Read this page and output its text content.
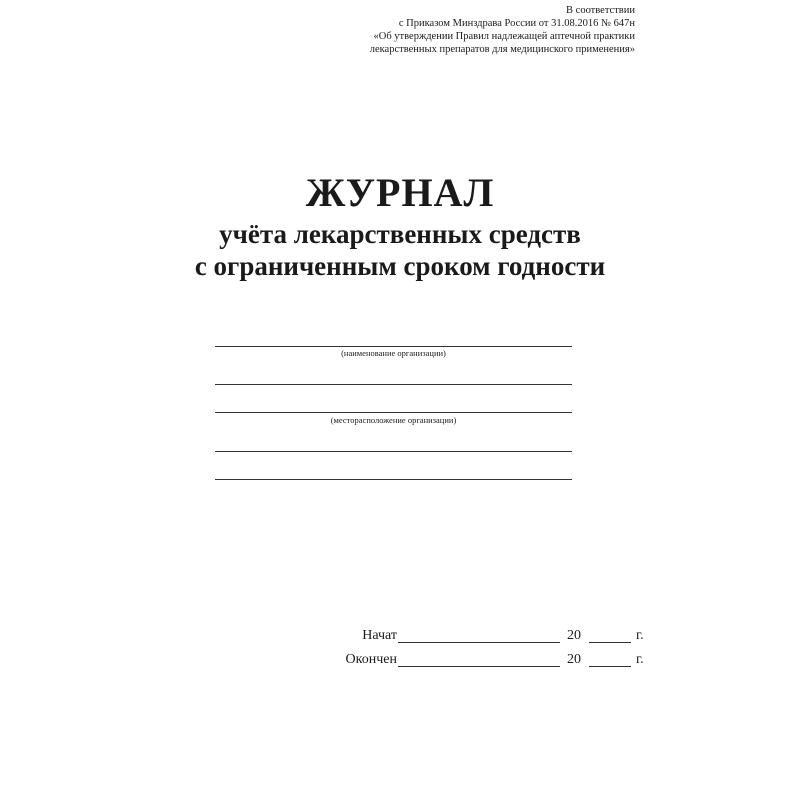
В соответствии
с Приказом Минздрава России от 31.08.2016 № 647н
«Об утверждении Правил надлежащей аптечной практики
лекарственных препаратов для медицинского применения»
ЖУРНАЛ
учёта лекарственных средств
с ограниченным сроком годности
(наименование организации)
(месторасположение организации)
Начат	20	г.
Окончен	20	г.
